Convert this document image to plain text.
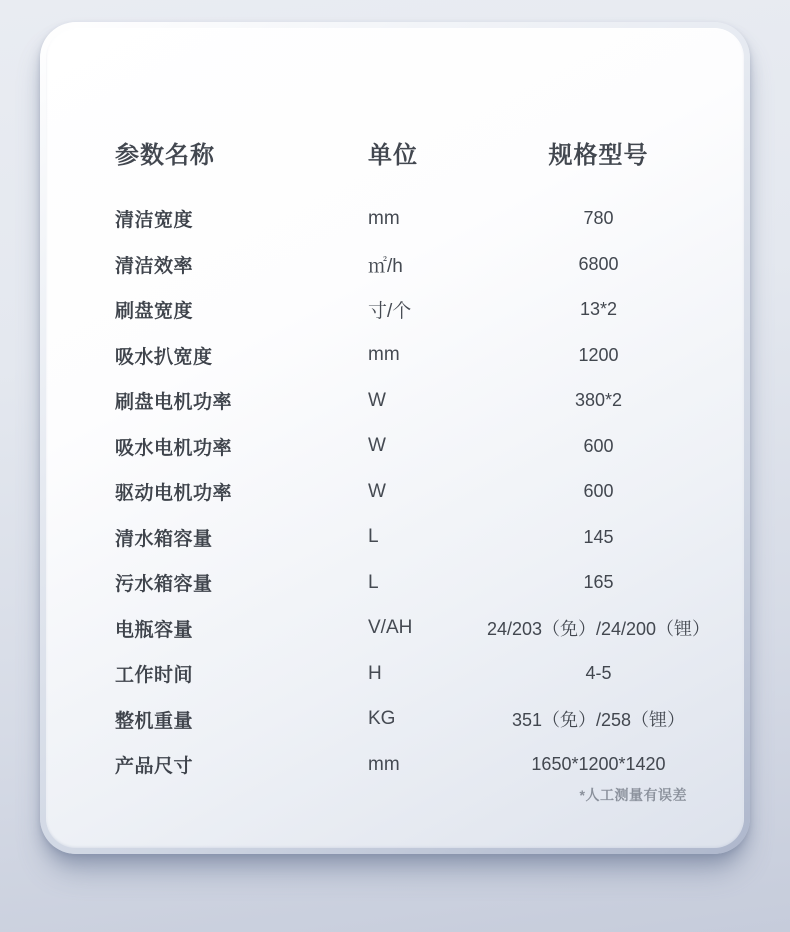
参数名称	单位	规格型号
清洁宽度	mm	780
清洁效率	㎡/h	6800
刷盘宽度	寸/个	13*2
吸水扒宽度	mm	1200
刷盘电机功率	W	380*2
吸水电机功率	W	600
驱动电机功率	W	600
清水箱容量	L	145
污水箱容量	L	165
电瓶容量	V/AH	24/203（免）/24/200（锂）
工作时间	H	4-5
整机重量	KG	351（免）/258（锂）
产品尺寸	mm	1650*1200*1420
*人工测量有误差
